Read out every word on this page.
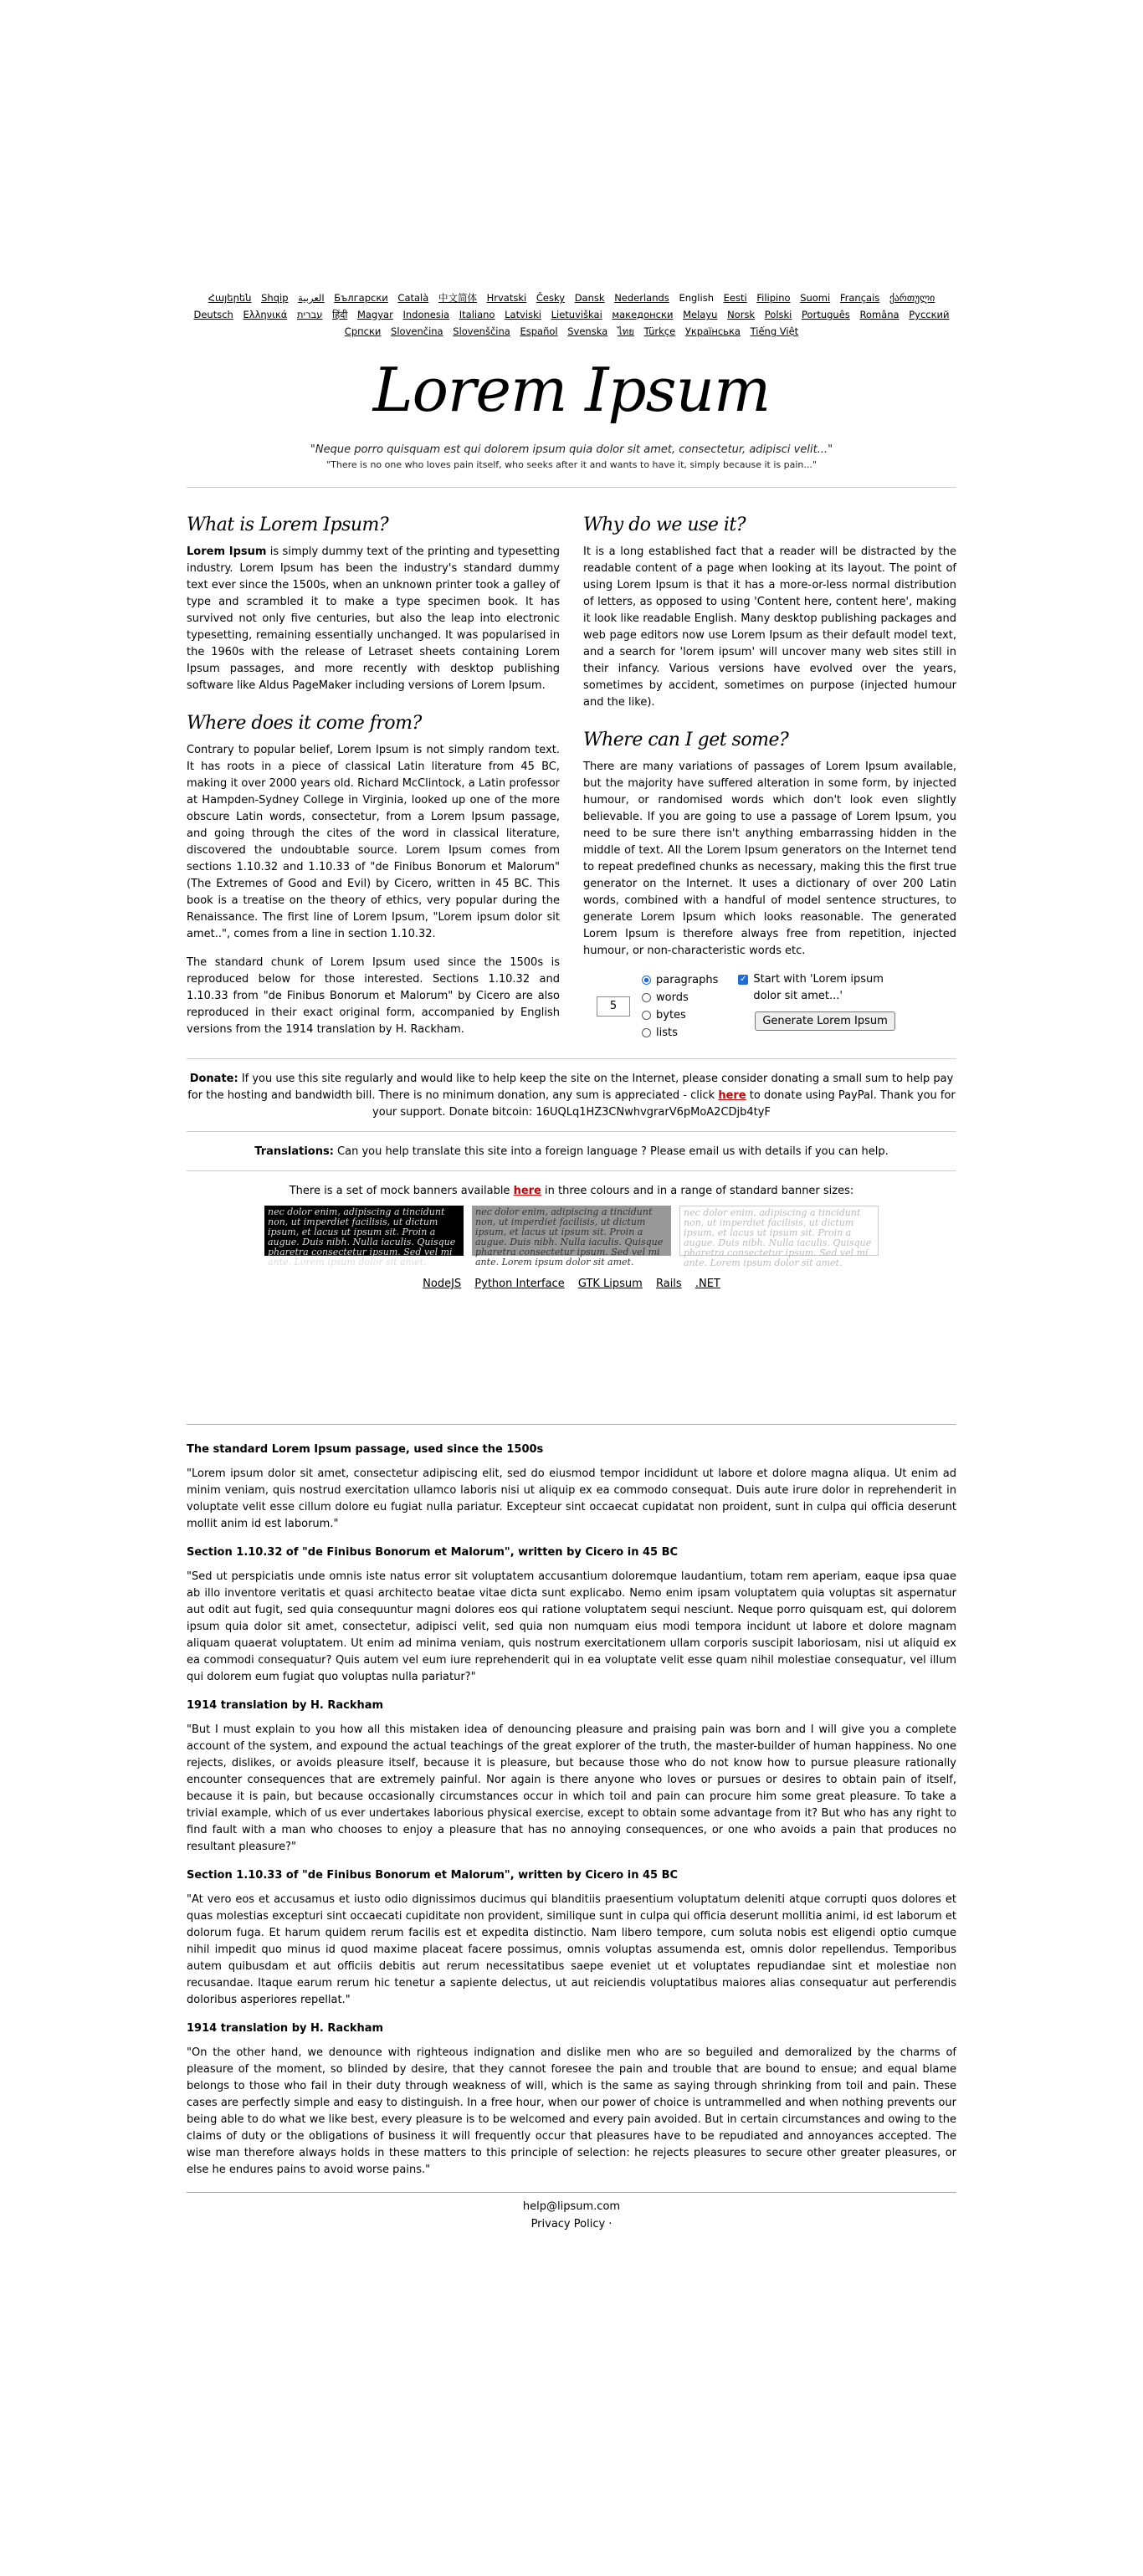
Հայերեն Shqip العربية Български Català 中文简体 Hrvatski Česky Dansk Nederlands English Eesti Filipino Suomi Français ქართული Deutsch Ελληνικά עברית हिंदी Magyar Indonesia Italiano Latviski Lietuviškai македонски Melayu Norsk Polski Português Româna Pyccкий Српски Slovenčina Slovenščina Español Svenska ไทย Türkçe Українська Tiếng Việt
Lorem Ipsum
"Neque porro quisquam est qui dolorem ipsum quia dolor sit amet, consectetur, adipisci velit..."
"There is no one who loves pain itself, who seeks after it and wants to have it, simply because it is pain..."
What is Lorem Ipsum?

Lorem Ipsum is simply dummy text of the printing and typesetting industry. Lorem Ipsum has been the industry's standard dummy text ever since the 1500s, when an unknown printer took a galley of type and scrambled it to make a type specimen book. It has survived not only five centuries, but also the leap into electronic typesetting, remaining essentially unchanged. It was popularised in the 1960s with the release of Letraset sheets containing Lorem Ipsum passages, and more recently with desktop publishing software like Aldus PageMaker including versions of Lorem Ipsum.

Where does it come from?

Contrary to popular belief, Lorem Ipsum is not simply random text. It has roots in a piece of classical Latin literature from 45 BC, making it over 2000 years old. Richard McClintock, a Latin professor at Hampden-Sydney College in Virginia, looked up one of the more obscure Latin words, consectetur, from a Lorem Ipsum passage, and going through the cites of the word in classical literature, discovered the undoubtable source. Lorem Ipsum comes from sections 1.10.32 and 1.10.33 of "de Finibus Bonorum et Malorum" (The Extremes of Good and Evil) by Cicero, written in 45 BC. This book is a treatise on the theory of ethics, very popular during the Renaissance. The first line of Lorem Ipsum, "Lorem ipsum dolor sit amet..", comes from a line in section 1.10.32.

The standard chunk of Lorem Ipsum used since the 1500s is reproduced below for those interested. Sections 1.10.32 and 1.10.33 from "de Finibus Bonorum et Malorum" by Cicero are also reproduced in their exact original form, accompanied by English versions from the 1914 translation by H. Rackham.

Why do we use it?

It is a long established fact that a reader will be distracted by the readable content of a page when looking at its layout. The point of using Lorem Ipsum is that it has a more-or-less normal distribution of letters, as opposed to using 'Content here, content here', making it look like readable English. Many desktop publishing packages and web page editors now use Lorem Ipsum as their default model text, and a search for 'lorem ipsum' will uncover many web sites still in their infancy. Various versions have evolved over the years, sometimes by accident, sometimes on purpose (injected humour and the like).

Where can I get some?

There are many variations of passages of Lorem Ipsum available, but the majority have suffered alteration in some form, by injected humour, or randomised words which don't look even slightly believable. If you are going to use a passage of Lorem Ipsum, you need to be sure there isn't anything embarrassing hidden in the middle of text. All the Lorem Ipsum generators on the Internet tend to repeat predefined chunks as necessary, making this the first true generator on the Internet. It uses a dictionary of over 200 Latin words, combined with a handful of model sentence structures, to generate Lorem Ipsum which looks reasonable. The generated Lorem Ipsum is therefore always free from repetition, injected humour, or non-characteristic words etc.

5
paragraphs
words
bytes
lists
✓ Start with 'Lorem ipsum dolor sit amet...'
Generate Lorem Ipsum
Donate: If you use this site regularly and would like to help keep the site on the Internet, please consider donating a small sum to help pay for the hosting and bandwidth bill. There is no minimum donation, any sum is appreciated - click here to donate using PayPal. Thank you for your support. Donate bitcoin: 16UQLq1HZ3CNwhvgrarV6pMoA2CDjb4tyF
Translations: Can you help translate this site into a foreign language ? Please email us with details if you can help.
There is a set of mock banners available here in three colours and in a range of standard banner sizes:
nec dolor enim, adipiscing a tincidunt non, ut imperdiet facilisis, ut dictum ipsum, et lacus ut ipsum sit. Proin a augue. Duis nibh. Nulla iaculis. Quisque pharetra consectetur ipsum. Sed vel mi ante. Lorem ipsum dolor sit amet.
nec dolor enim, adipiscing a tincidunt non, ut imperdiet facilisis, ut dictum ipsum, et lacus ut ipsum sit. Proin a augue. Duis nibh. Nulla iaculis. Quisque pharetra consectetur ipsum. Sed vel mi ante. Lorem ipsum dolor sit amet.
nec dolor enim, adipiscing a tincidunt non, ut imperdiet facilisis, ut dictum ipsum, et lacus ut ipsum sit. Proin a augue. Duis nibh. Nulla iaculis. Quisque pharetra consectetur ipsum. Sed vel mi ante. Lorem ipsum dolor sit amet.
NodeJS Python Interface GTK Lipsum Rails .NET
The standard Lorem Ipsum passage, used since the 1500s

"Lorem ipsum dolor sit amet, consectetur adipiscing elit, sed do eiusmod tempor incididunt ut labore et dolore magna aliqua. Ut enim ad minim veniam, quis nostrud exercitation ullamco laboris nisi ut aliquip ex ea commodo consequat. Duis aute irure dolor in reprehenderit in voluptate velit esse cillum dolore eu fugiat nulla pariatur. Excepteur sint occaecat cupidatat non proident, sunt in culpa qui officia deserunt mollit anim id est laborum."

Section 1.10.32 of "de Finibus Bonorum et Malorum", written by Cicero in 45 BC

"Sed ut perspiciatis unde omnis iste natus error sit voluptatem accusantium doloremque laudantium, totam rem aperiam, eaque ipsa quae ab illo inventore veritatis et quasi architecto beatae vitae dicta sunt explicabo. Nemo enim ipsam voluptatem quia voluptas sit aspernatur aut odit aut fugit, sed quia consequuntur magni dolores eos qui ratione voluptatem sequi nesciunt. Neque porro quisquam est, qui dolorem ipsum quia dolor sit amet, consectetur, adipisci velit, sed quia non numquam eius modi tempora incidunt ut labore et dolore magnam aliquam quaerat voluptatem. Ut enim ad minima veniam, quis nostrum exercitationem ullam corporis suscipit laboriosam, nisi ut aliquid ex ea commodi consequatur? Quis autem vel eum iure reprehenderit qui in ea voluptate velit esse quam nihil molestiae consequatur, vel illum qui dolorem eum fugiat quo voluptas nulla pariatur?"

1914 translation by H. Rackham

"But I must explain to you how all this mistaken idea of denouncing pleasure and praising pain was born and I will give you a complete account of the system, and expound the actual teachings of the great explorer of the truth, the master-builder of human happiness. No one rejects, dislikes, or avoids pleasure itself, because it is pleasure, but because those who do not know how to pursue pleasure rationally encounter consequences that are extremely painful. Nor again is there anyone who loves or pursues or desires to obtain pain of itself, because it is pain, but because occasionally circumstances occur in which toil and pain can procure him some great pleasure. To take a trivial example, which of us ever undertakes laborious physical exercise, except to obtain some advantage from it? But who has any right to find fault with a man who chooses to enjoy a pleasure that has no annoying consequences, or one who avoids a pain that produces no resultant pleasure?"

Section 1.10.33 of "de Finibus Bonorum et Malorum", written by Cicero in 45 BC

"At vero eos et accusamus et iusto odio dignissimos ducimus qui blanditiis praesentium voluptatum deleniti atque corrupti quos dolores et quas molestias excepturi sint occaecati cupiditate non provident, similique sunt in culpa qui officia deserunt mollitia animi, id est laborum et dolorum fuga. Et harum quidem rerum facilis est et expedita distinctio. Nam libero tempore, cum soluta nobis est eligendi optio cumque nihil impedit quo minus id quod maxime placeat facere possimus, omnis voluptas assumenda est, omnis dolor repellendus. Temporibus autem quibusdam et aut officiis debitis aut rerum necessitatibus saepe eveniet ut et voluptates repudiandae sint et molestiae non recusandae. Itaque earum rerum hic tenetur a sapiente delectus, ut aut reiciendis voluptatibus maiores alias consequatur aut perferendis doloribus asperiores repellat."

1914 translation by H. Rackham

"On the other hand, we denounce with righteous indignation and dislike men who are so beguiled and demoralized by the charms of pleasure of the moment, so blinded by desire, that they cannot foresee the pain and trouble that are bound to ensue; and equal blame belongs to those who fail in their duty through weakness of will, which is the same as saying through shrinking from toil and pain. These cases are perfectly simple and easy to distinguish. In a free hour, when our power of choice is untrammelled and when nothing prevents our being able to do what we like best, every pleasure is to be welcomed and every pain avoided. But in certain circumstances and owing to the claims of duty or the obligations of business it will frequently occur that pleasures have to be repudiated and annoyances accepted. The wise man therefore always holds in these matters to this principle of selection: he rejects pleasures to secure other greater pleasures, or else he endures pains to avoid worse pains."

help@lipsum.com
Privacy Policy ·
